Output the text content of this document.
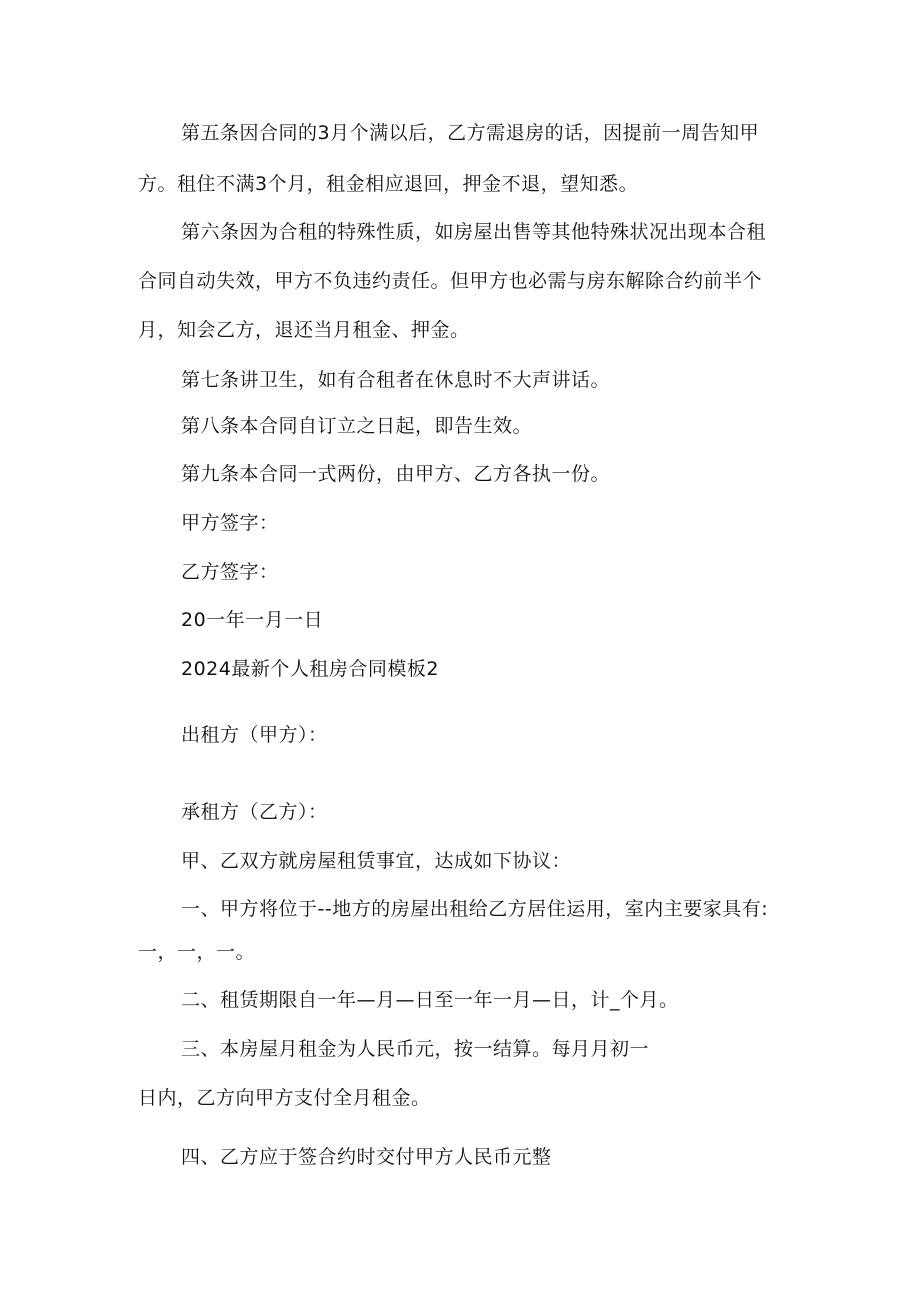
第五条因合同的3月个满以后，乙方需退房的话，因提前一周告知甲
方。租住不满3个月，租金相应退回，押金不退，望知悉。
第六条因为合租的特殊性质，如房屋出售等其他特殊状况出现本合租
合同自动失效，甲方不负违约责任。但甲方也必需与房东解除合约前半个
月，知会乙方，退还当月租金、押金。
第七条讲卫生，如有合租者在休息时不大声讲话。
第八条本合同自订立之日起，即告生效。
第九条本合同一式两份，由甲方、乙方各执一份。
甲方签字：
乙方签字：
20一年一月一日
2024最新个人租房合同模板2
出租方（甲方）：
承租方（乙方）：
甲、乙双方就房屋租赁事宜，达成如下协议：
一、甲方将位于--地方的房屋出租给乙方居住运用，室内主要家具有:
一，一，一。
二、租赁期限自一年—月—日至一年一月—日，计_个月。
三、本房屋月租金为人民币元，按一结算。每月月初一
日内，乙方向甲方支付全月租金。
四、乙方应于签合约时交付甲方人民币元整
